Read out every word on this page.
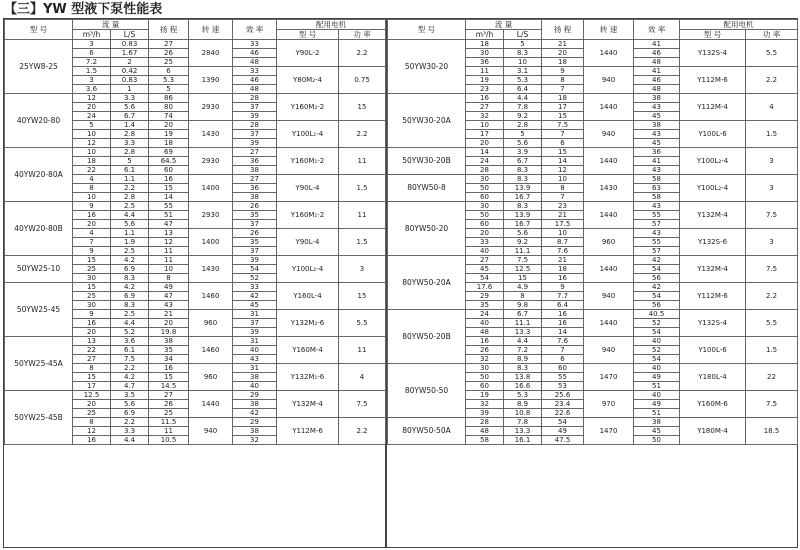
【三】YW 型液下泵性能表
型 号	流 量		扬 程	转 速	效 率	配用电机	
	m³/h	L/S				型 号	功 率
25YW8-25	3	0.83	27	2840	33	Y90L-2	2.2
	6	1.67	26		46		
	7.2	2	25		48		
	1.5	0.42	6	1390	33	Y80M₂-4	0.75
	3	0.83	5.3		46		
	3.6	1	5		48		
40YW20-80	12	3.3	86	2930	28	Y160M₂-2	15
	20	5.6	80		37		
	24	6.7	74		39		
	5	1.4	20	1430	28	Y100L₁-4	2.2
	10	2.8	19		37		
	12	3.3	18		39		
40YW20-80A	10	2.8	69	2930	27	Y160M₁-2	11
	18	5	64.5		36		
	22	6.1	60		38		
	4	1.1	16	1400	27	Y90L-4	1.5
	8	2.2	15		36		
	10	2.8	14		38		
40YW20-80B	9	2.5	55	2930	26	Y160M₁-2	11
	16	4.4	51		35		
	20	5.6	47		37		
	4	1.1	13	1400	26	Y90L-4	1.5
	7	1.9	12		35		
	9	2.5	11		37		
50YW25-10	15	4.2	11	1430	39	Y100L₂-4	3
	25	6.9	10		54		
	30	8.3	8		52		
50YW25-45	15	4.2	49	1460	33	Y160L-4	15
	25	6.9	47		42		
	30	8.3	43		45		
	9	2.5	21	960	31	Y132M₂-6	5.5
	16	4.4	20		37		
	20	5.2	19.8		39		
50YW25-45A	13	3.6	38	1460	31	Y160M-4	11
	22	6.1	35		40		
	27	7.5	34		43		
	8	2.2	16	960	31	Y132M₁-6	4
	15	4.2	15		38		
	17	4.7	14.5		40		
50YW25-45B	12.5	3.5	27	1440	29	Y132M-4	7.5
	20	5.6	26		38		
	25	6.9	25		42		
	8	2.2	11.5	940	29	Y112M-6	2.2
	12	3.3	11		38		
	16	4.4	10.5		32		
型 号	流 量		扬 程	转 速	效 率	配用电机	
	m³/h	L/S				型 号	功 率
50YW30-20	18	5	21	1440	41	Y132S-4	5.5
	30	8.3	20		46		
	36	10	18		48		
	11	3.1	9	940	41	Y112M-6	2.2
	19	5.3	8		46		
	23	6.4	7		48		
50YW30-20A	16	4.4	18	1440	38	Y112M-4	4
	27	7.8	17		43		
	32	9.2	15		45		
	10	2.8	7.5	940	38	Y100L-6	1.5
	17	5	7		43		
	20	5.6	6		45		
50YW30-20B	14	3.9	15	1440	36	Y100L₂-4	3
	24	6.7	14		41		
	28	8.3	12		43		
80YW50-8	30	8.3	10	1430	58	Y100L₂-4	3
	50	13.9	8		63		
	60	16.7	7		58		
80YW50-20	30	8.3	23	1440	43	Y132M-4	7.5
	50	13.9	21		55		
	60	16.7	17.5		57		
	20	5.6	10	960	43	Y132S-6	3
	33	9.2	8.7		55		
	40	11.1	7.6		57		
80YW50-20A	27	7.5	21	1440	42	Y132M-4	7.5
	45	12.5	18		54		
	54	15	16		56		
	17.6	4.9	9	940	42	Y112M-6	2.2
	29	8	7.7		54		
	35	9.8	6.4		56		
80YW50-20B	24	6.7	16	1440	40.5	Y132S-4	5.5
	40	11.1	16		52		
	48	13.3	14		54		
	16	4.4	7.6	940	40	Y100L-6	1.5
	26	7.2	7		52		
	32	8.9	6		54		
80YW50-50	30	8.3	60	1470	40	Y180L-4	22
	50	13.8	55		49		
	60	16.6	53		51		
	19	5.3	25.6	970	40	Y160M-6	7.5
	32	8.9	23.4		49		
	39	10.8	22.6		51		
80YW50-50A	28	7.8	54	1470	38	Y180M-4	18.5
	48	13.3	49		45		
	58	16.1	47.5		50		
